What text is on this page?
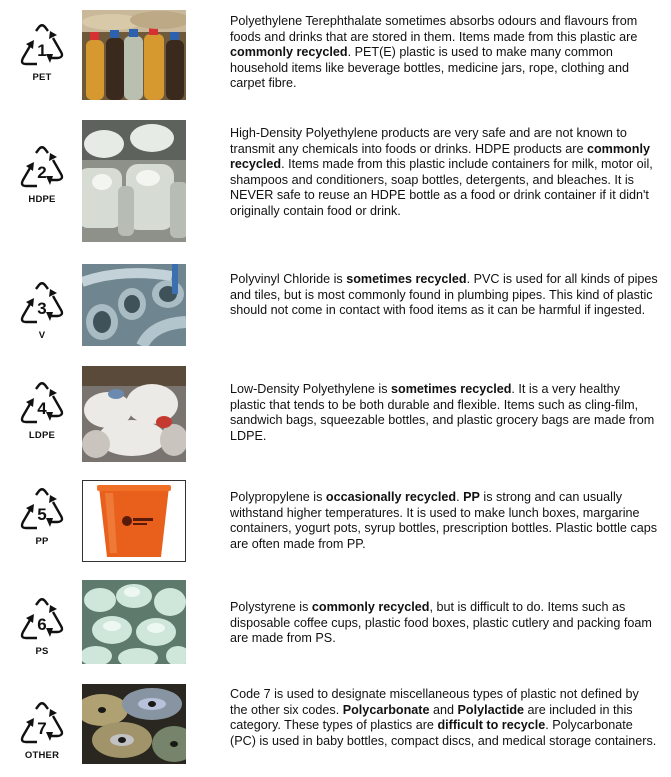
1
PET
Polyethylene Terephthalate sometimes absorbs odours and flavours from foods and drinks that are stored in them. Items made from this plastic are commonly recycled. PET(E) plastic is used to make many common household items like beverage bottles, medicine jars, rope, clothing and carpet fibre.
2
HDPE
High-Density Polyethylene products are very safe and are not known to transmit any chemicals into foods or drinks. HDPE products are commonly recycled. Items made from this plastic include containers for milk, motor oil, shampoos and conditioners, soap bottles, detergents, and bleaches. It is NEVER safe to reuse an HDPE bottle as a food or drink container if it didn't originally contain food or drink.
3
V
Polyvinyl Chloride is sometimes recycled. PVC is used for all kinds of pipes and tiles, but is most commonly found in plumbing pipes. This kind of plastic should not come in contact with food items as it can be harmful if ingested.
4
LDPE
Low-Density Polyethylene is sometimes recycled. It is a very healthy plastic that tends to be both durable and flexible. Items such as cling-film, sandwich bags, squeezable bottles, and plastic grocery bags are made from LDPE.
5
PP
Polypropylene is occasionally recycled. PP is strong and can usually withstand higher temperatures. It is used to make lunch boxes, margarine containers, yogurt pots, syrup bottles, prescription bottles. Plastic bottle caps are often made from PP.
6
PS
Polystyrene is commonly recycled, but is difficult to do. Items such as disposable coffee cups, plastic food boxes, plastic cutlery and packing foam are made from PS.
7
OTHER
Code 7 is used to designate miscellaneous types of plastic not defined by the other six codes. Polycarbonate and Polylactide are included in this category. These types of plastics are difficult to recycle. Polycarbonate (PC) is used in baby bottles, compact discs, and medical storage containers.
